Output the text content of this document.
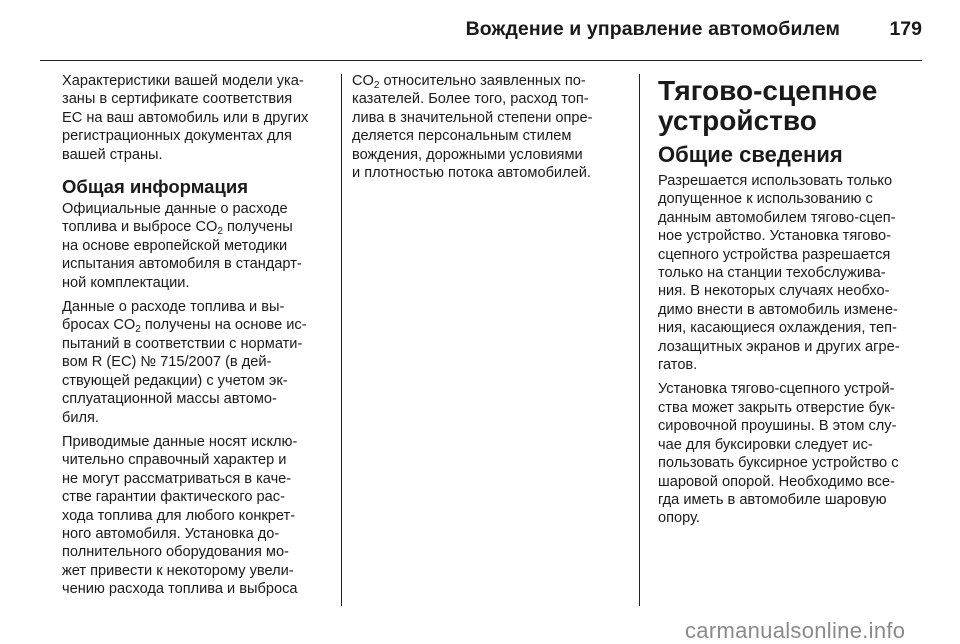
Вождение и управление автомобилем	179

Характеристики вашей модели ука-
заны в сертификате соответствия
ЕС на ваш автомобиль или в других
регистрационных документах для
вашей страны.

Общая информация

Официальные данные о расходе
топлива и выбросе $CO_2$ получены
на основе европейской методики
испытания автомобиля в стандарт-
ной комплектации.

Данные о расходе топлива и вы-
бросах $CO_2$ получены на основе ис-
пытаний в соответствии с нормати-
вом R (ЕС) № 715/2007 (в дей-
ствующей редакции) с учетом эк-
сплуатационной массы автомо-
биля.

Приводимые данные носят исклю-
чительно справочный характер и
не могут рассматриваться в каче-
стве гарантии фактического рас-
хода топлива для любого конкрет-
ного автомобиля. Установка до-
полнительного оборудования мо-
жет привести к некоторому увели-
чению расхода топлива и выброса

$CO_2$ относительно заявленных по-
казателей. Более того, расход топ-
лива в значительной степени опре-
деляется персональным стилем
вождения, дорожными условиями
и плотностью потока автомобилей.

Тягово-сцепное
устройство
Общие сведения

Разрешается использовать только
допущенное к использованию с
данным автомобилем тягово-сцеп-
ное устройство. Установка тягово-
сцепного устройства разрешается
только на станции техобслужива-
ния. В некоторых случаях необхо-
димо внести в автомобиль измене-
ния, касающиеся охлаждения, теп-
лозащитных экранов и других агре-
гатов.

Установка тягово-сцепного устрой-
ства может закрыть отверстие бук-
сировочной проушины. В этом слу-
чае для буксировки следует ис-
пользовать буксирное устройство с
шаровой опорой. Необходимо все-
гда иметь в автомобиле шаровую
опору.

carmanualsonline.info
